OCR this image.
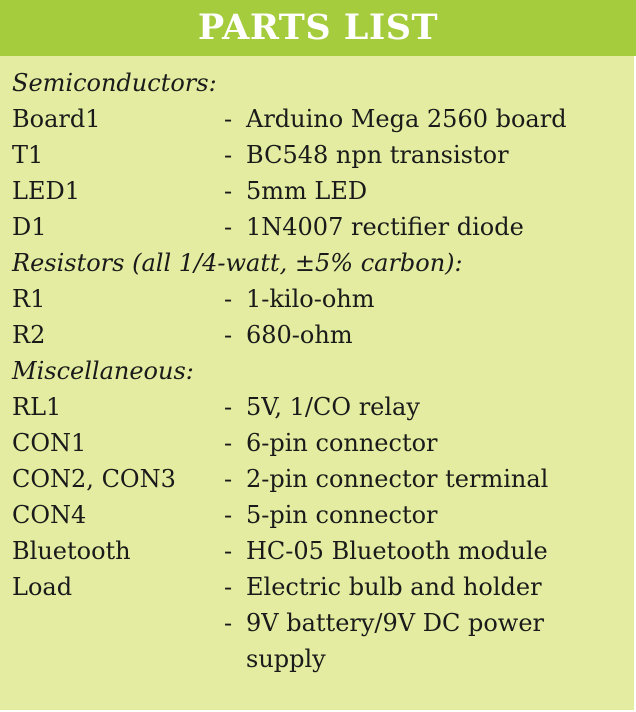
PARTS LIST
Semiconductors:
Board1	- Arduino Mega 2560 board
T1	- BC548 npn transistor
LED1	- 5mm LED
D1	- 1N4007 rectifier diode
Resistors (all 1/4-watt, ±5% carbon):
R1	- 1-kilo-ohm
R2	- 680-ohm
Miscellaneous:
RL1	- 5V, 1/CO relay
CON1	- 6-pin connector
CON2, CON3 - 2-pin connector terminal
CON4	- 5-pin connector
Bluetooth	- HC-05 Bluetooth module
Load	- Electric bulb and holder
- 9V battery/9V DC power supply
